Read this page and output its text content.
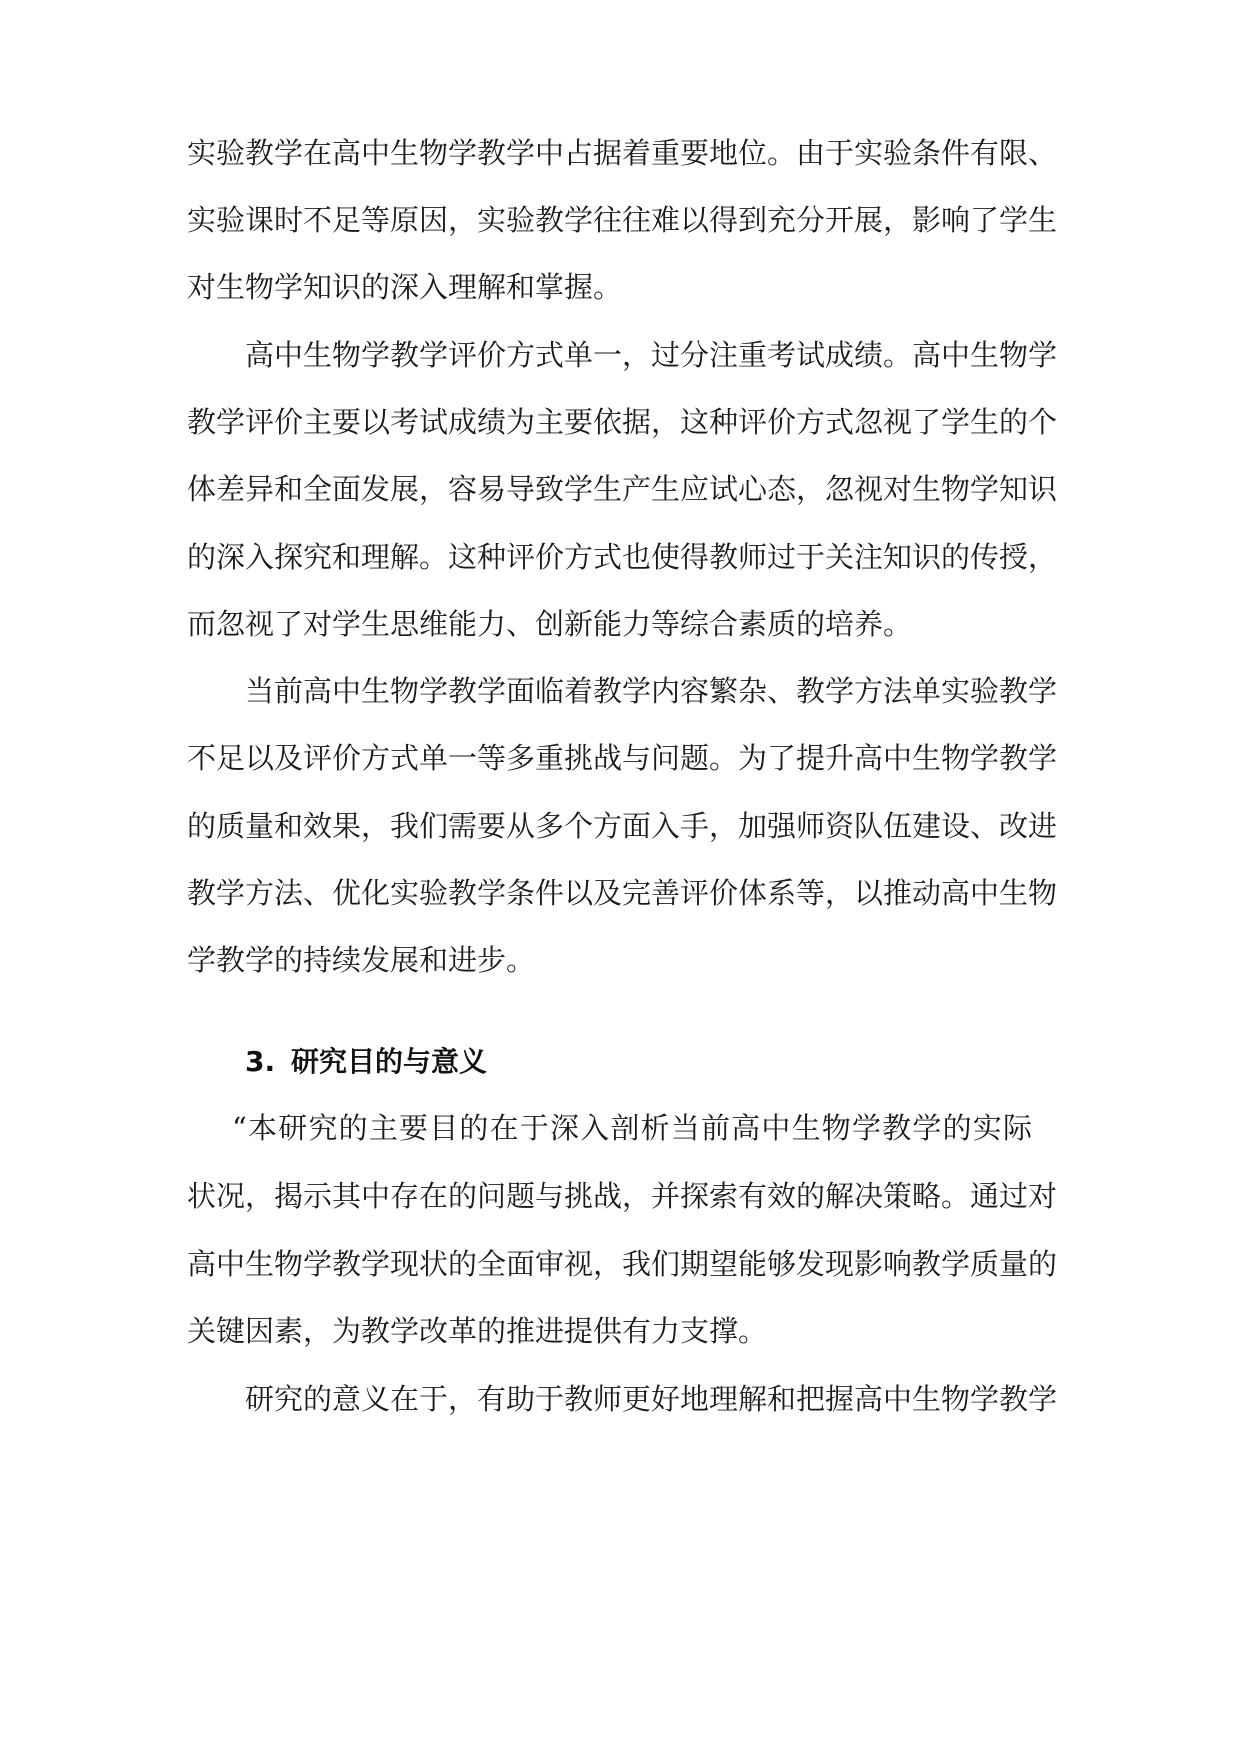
实验教学在高中生物学教学中占据着重要地位。由于实验条件有限、
实验课时不足等原因，实验教学往往难以得到充分开展，影响了学生
对生物学知识的深入理解和掌握。
高中生物学教学评价方式单一，过分注重考试成绩。高中生物学
教学评价主要以考试成绩为主要依据，这种评价方式忽视了学生的个
体差异和全面发展，容易导致学生产生应试心态，忽视对生物学知识
的深入探究和理解。这种评价方式也使得教师过于关注知识的传授，
而忽视了对学生思维能力、创新能力等综合素质的培养。
当前高中生物学教学面临着教学内容繁杂、教学方法单实验教学
不足以及评价方式单一等多重挑战与问题。为了提升高中生物学教学
的质量和效果，我们需要从多个方面入手，加强师资队伍建设、改进
教学方法、优化实验教学条件以及完善评价体系等，以推动高中生物
学教学的持续发展和进步。
3. 研究目的与意义
“本研究的主要目的在于深入剖析当前高中生物学教学的实际
状况，揭示其中存在的问题与挑战，并探索有效的解决策略。通过对
高中生物学教学现状的全面审视，我们期望能够发现影响教学质量的
关键因素，为教学改革的推进提供有力支撑。
研究的意义在于，有助于教师更好地理解和把握高中生物学教学
